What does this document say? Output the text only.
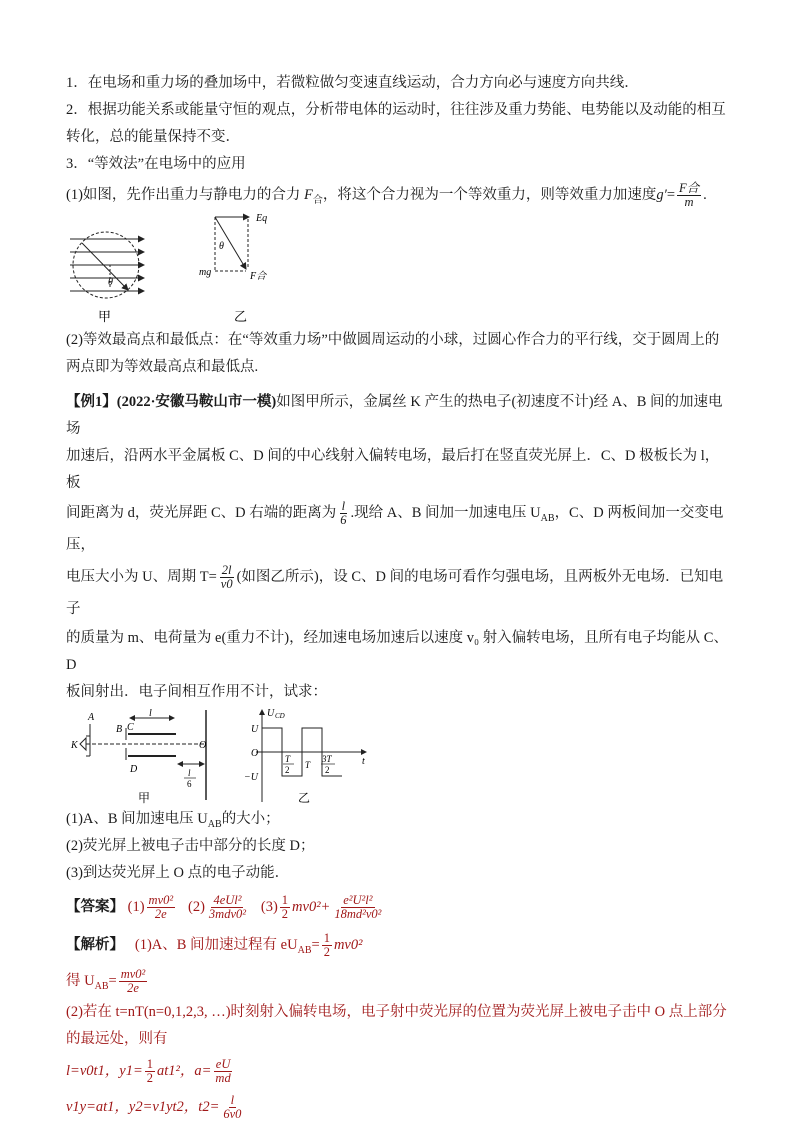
1．在电场和重力场的叠加场中，若微粒做匀变速直线运动，合力方向必与速度方向共线．

2．根据功能关系或能量守恒的观点，分析带电体的运动时，往往涉及重力势能、电势能以及动能的相互转化，总的能量保持不变．

3．“等效法”在电场中的应用

(1)如图，先作出重力与静电力的合力 $F_合$，将这个合力视为一个等效重力，则等效重力加速度$g'= \frac{\text{F合}}{m}$ .

θ
甲
Eq
θ
mg	F合
乙

(2)等效最高点和最低点：在“等效重力场”中做圆周运动的小球，过圆心作合力的平行线，交于圆周上的两点即为等效最高点和最低点.

【例1】(2022·安徽马鞍山市一模)如图甲所示，金属丝 K 产生的热电子(初速度不计)经 A、B 间的加速电场

加速后，沿两水平金属板 C、D 间的中心线射入偏转电场，最后打在竖直荧光屏上．C、D 极板长为 l，板

间距离为 d，荧光屏距 C、D 右端的距离为 $\frac{l}{6}$ .现给 A、B 间加一加速电压 $U_{AB}$，C、D 两板间加一交变电压，

电压大小为 U、周期 $T= \frac{2l}{v0}$ (如图乙所示)，设 C、D 间的电场可看作匀强电场，且两板外无电场．已知电子

的质量为 m、电荷量为 e(重力不计)，经加速电场加速后以速度 v₀ 射入偏转电场，且所有电子均能从 C、D

板间射出．电子间相互作用不计，试求：

A
B C
D
K	O
l
l
6
甲
U CD
U
O
−U
t
T
2 T
3T
2
乙

(1)A、B 间加速电压 $U_{AB}$的大小；

(2)荧光屏上被电子击中部分的长度 D；

(3)到达荧光屏上 O 点的电子动能．

【答案】 $(1) \frac{\text{mv0²}}{2e} (2) \frac{\text{4eUl²}}{\text{3mdv0²}} (3) \frac{1}{2} mv0^2+ \frac{\text{e²U²l²}}{\text{18md²v0²}}$

【解析】 (1)A、B 间加速过程有 $eU_{AB}= \frac{1}{2} mv0^2$

得 $U_{AB}= \frac{\text{mv0²}}{2e}$

(2)若在 t=nT(n=0,1,2,3, …)时刻射入偏转电场，电子射中荧光屏的位置为荧光屏上被电子击中 O 点上部分

的最远处，则有

l=v0t1，$y1= \frac{1}{2} at1^2$，$a= \frac{eU}{md}$

v1y=at1，y2=v1yt2，$t2= \frac{l}{6v0}$
